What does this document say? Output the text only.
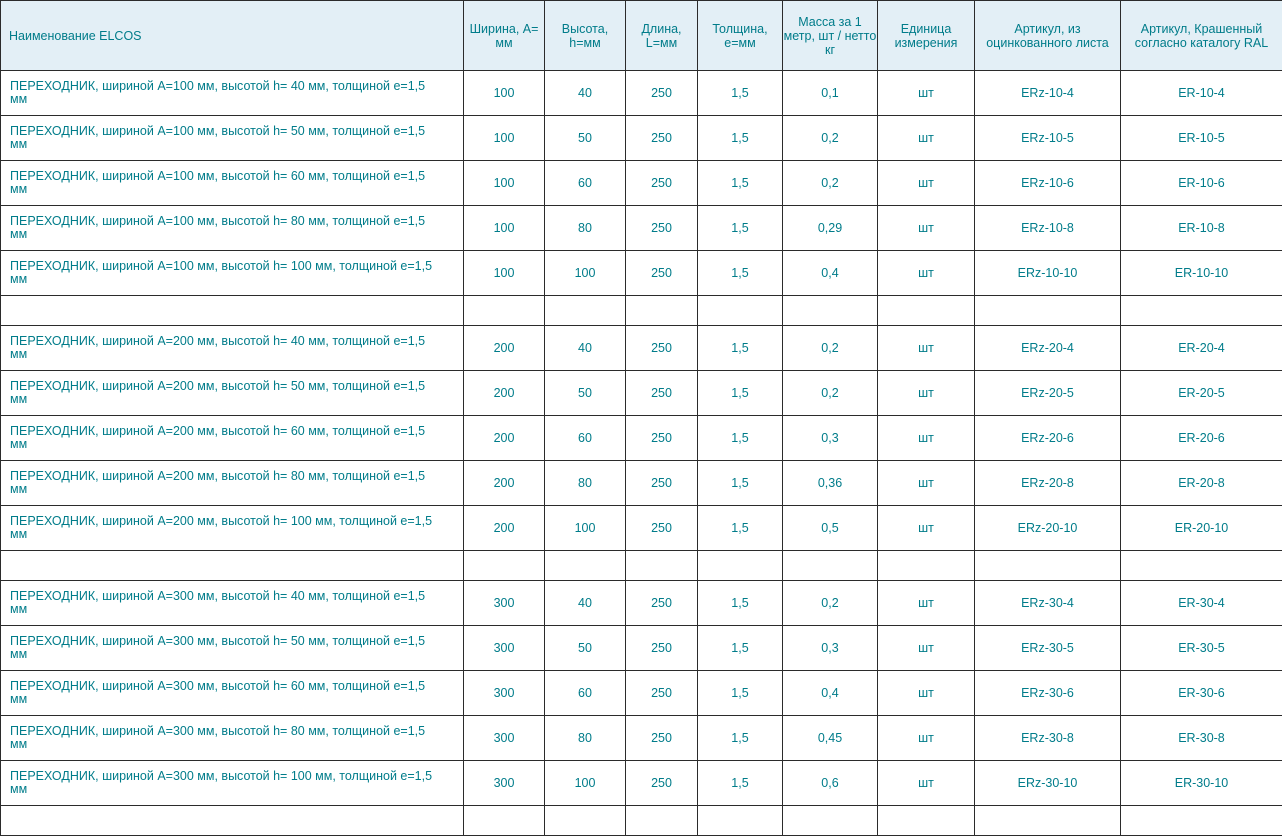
Наименование ELCOS	Ширина, А= мм	Высота, h=мм	Длина, L=мм	Толщина, е=мм	Масса за 1 метр, шт / нетто кг	Единица измерения	Артикул, из оцинкованного листа	Артикул, Крашенный согласно каталогу RAL
ПЕРЕХОДНИК, шириной А=100 мм, высотой h= 40 мм, толщиной е=1,5 мм	100	40	250	1,5	0,1	шт	ERz-10-4	ER-10-4
ПЕРЕХОДНИК, шириной А=100 мм, высотой h= 50 мм, толщиной е=1,5 мм	100	50	250	1,5	0,2	шт	ERz-10-5	ER-10-5
ПЕРЕХОДНИК, шириной А=100 мм, высотой h= 60 мм, толщиной е=1,5 мм	100	60	250	1,5	0,2	шт	ERz-10-6	ER-10-6
ПЕРЕХОДНИК, шириной А=100 мм, высотой h= 80 мм, толщиной е=1,5 мм	100	80	250	1,5	0,29	шт	ERz-10-8	ER-10-8
ПЕРЕХОДНИК, шириной А=100 мм, высотой h= 100 мм, толщиной е=1,5 мм	100	100	250	1,5	0,4	шт	ERz-10-10	ER-10-10

ПЕРЕХОДНИК, шириной А=200 мм, высотой h= 40 мм, толщиной е=1,5 мм	200	40	250	1,5	0,2	шт	ERz-20-4	ER-20-4
ПЕРЕХОДНИК, шириной А=200 мм, высотой h= 50 мм, толщиной е=1,5 мм	200	50	250	1,5	0,2	шт	ERz-20-5	ER-20-5
ПЕРЕХОДНИК, шириной А=200 мм, высотой h= 60 мм, толщиной е=1,5 мм	200	60	250	1,5	0,3	шт	ERz-20-6	ER-20-6
ПЕРЕХОДНИК, шириной А=200 мм, высотой h= 80 мм, толщиной е=1,5 мм	200	80	250	1,5	0,36	шт	ERz-20-8	ER-20-8
ПЕРЕХОДНИК, шириной А=200 мм, высотой h= 100 мм, толщиной е=1,5 мм	200	100	250	1,5	0,5	шт	ERz-20-10	ER-20-10

ПЕРЕХОДНИК, шириной А=300 мм, высотой h= 40 мм, толщиной е=1,5 мм	300	40	250	1,5	0,2	шт	ERz-30-4	ER-30-4
ПЕРЕХОДНИК, шириной А=300 мм, высотой h= 50 мм, толщиной е=1,5 мм	300	50	250	1,5	0,3	шт	ERz-30-5	ER-30-5
ПЕРЕХОДНИК, шириной А=300 мм, высотой h= 60 мм, толщиной е=1,5 мм	300	60	250	1,5	0,4	шт	ERz-30-6	ER-30-6
ПЕРЕХОДНИК, шириной А=300 мм, высотой h= 80 мм, толщиной е=1,5 мм	300	80	250	1,5	0,45	шт	ERz-30-8	ER-30-8
ПЕРЕХОДНИК, шириной А=300 мм, высотой h= 100 мм, толщиной е=1,5 мм	300	100	250	1,5	0,6	шт	ERz-30-10	ER-30-10
